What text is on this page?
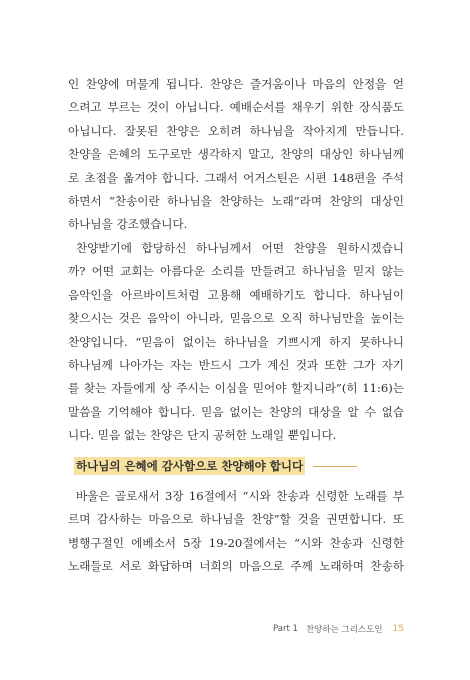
인 찬양에 머물게 됩니다. 찬양은 즐거움이나 마음의 안정을 얻
으려고 부르는 것이 아닙니다. 예배순서를 채우기 위한 장식품도
아닙니다. 잘못된 찬양은 오히려 하나님을 작아지게 만듭니다.
찬양을 은혜의 도구로만 생각하지 말고, 찬양의 대상인 하나님께
로 초점을 옮겨야 합니다. 그래서 어거스틴은 시편 148편을 주석
하면서 “찬송이란 하나님을 찬양하는 노래”라며 찬양의 대상인
하나님을 강조했습니다.
찬양받기에 합당하신 하나님께서 어떤 찬양을 원하시겠습니
까? 어떤 교회는 아름다운 소리를 만들려고 하나님을 믿지 않는
음악인을 아르바이트처럼 고용해 예배하기도 합니다. 하나님이
찾으시는 것은 음악이 아니라, 믿음으로 오직 하나님만을 높이는
찬양입니다. “믿음이 없이는 하나님을 기쁘시게 하지 못하나니
하나님께 나아가는 자는 반드시 그가 계신 것과 또한 그가 자기
를 찾는 자들에게 상 주시는 이심을 믿어야 할지니라”(히 11:6)는
말씀을 기억해야 합니다. 믿음 없이는 찬양의 대상을 알 수 없습
니다. 믿음 없는 찬양은 단지 공허한 노래일 뿐입니다.
하나님의 은혜에 감사함으로 찬양해야 합니다
바울은 골로새서 3장 16절에서 “시와 찬송과 신령한 노래를 부
르며 감사하는 마음으로 하나님을 찬양”할 것을 권면합니다. 또
병행구절인 에베소서 5장 19-20절에서는 “시와 찬송과 신령한
노래들로 서로 화답하며 너희의 마음으로 주께 노래하며 찬송하
Part 1 찬양하는 그리스도인 15
